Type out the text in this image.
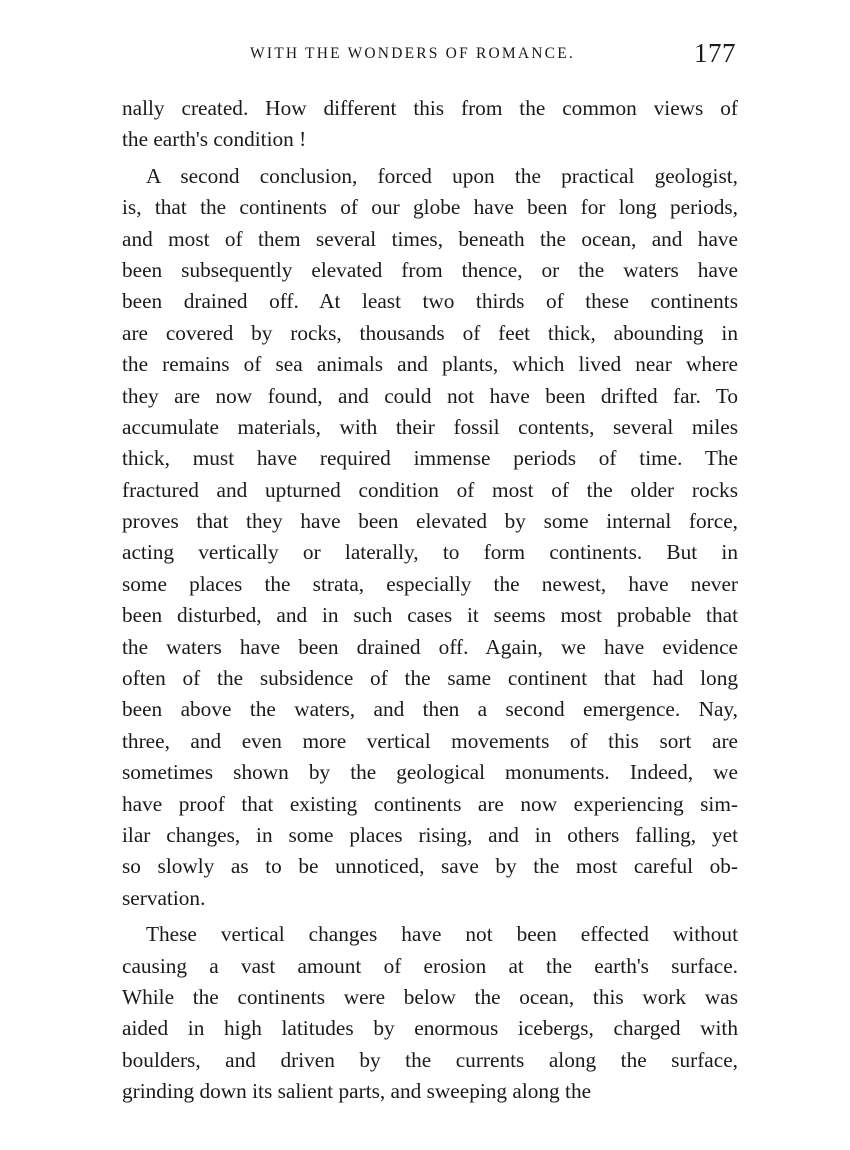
WITH THE WONDERS OF ROMANCE.	177
nally created. How different this from the common views of
the earth's condition !
A second conclusion, forced upon the practical geologist,
is, that the continents of our globe have been for long periods,
and most of them several times, beneath the ocean, and have
been subsequently elevated from thence, or the waters have
been drained off. At least two thirds of these continents
are covered by rocks, thousands of feet thick, abounding in
the remains of sea animals and plants, which lived near where
they are now found, and could not have been drifted far. To
accumulate materials, with their fossil contents, several miles
thick, must have required immense periods of time. The
fractured and upturned condition of most of the older rocks
proves that they have been elevated by some internal force,
acting vertically or laterally, to form continents. But in
some places the strata, especially the newest, have never
been disturbed, and in such cases it seems most probable that
the waters have been drained off. Again, we have evidence
often of the subsidence of the same continent that had long
been above the waters, and then a second emergence. Nay,
three, and even more vertical movements of this sort are
sometimes shown by the geological monuments. Indeed, we
have proof that existing continents are now experiencing sim-
ilar changes, in some places rising, and in others falling, yet
so slowly as to be unnoticed, save by the most careful ob-
servation.
These vertical changes have not been effected without
causing a vast amount of erosion at the earth's surface.
While the continents were below the ocean, this work was
aided in high latitudes by enormous icebergs, charged with
boulders, and driven by the currents along the surface,
grinding down its salient parts, and sweeping along the
